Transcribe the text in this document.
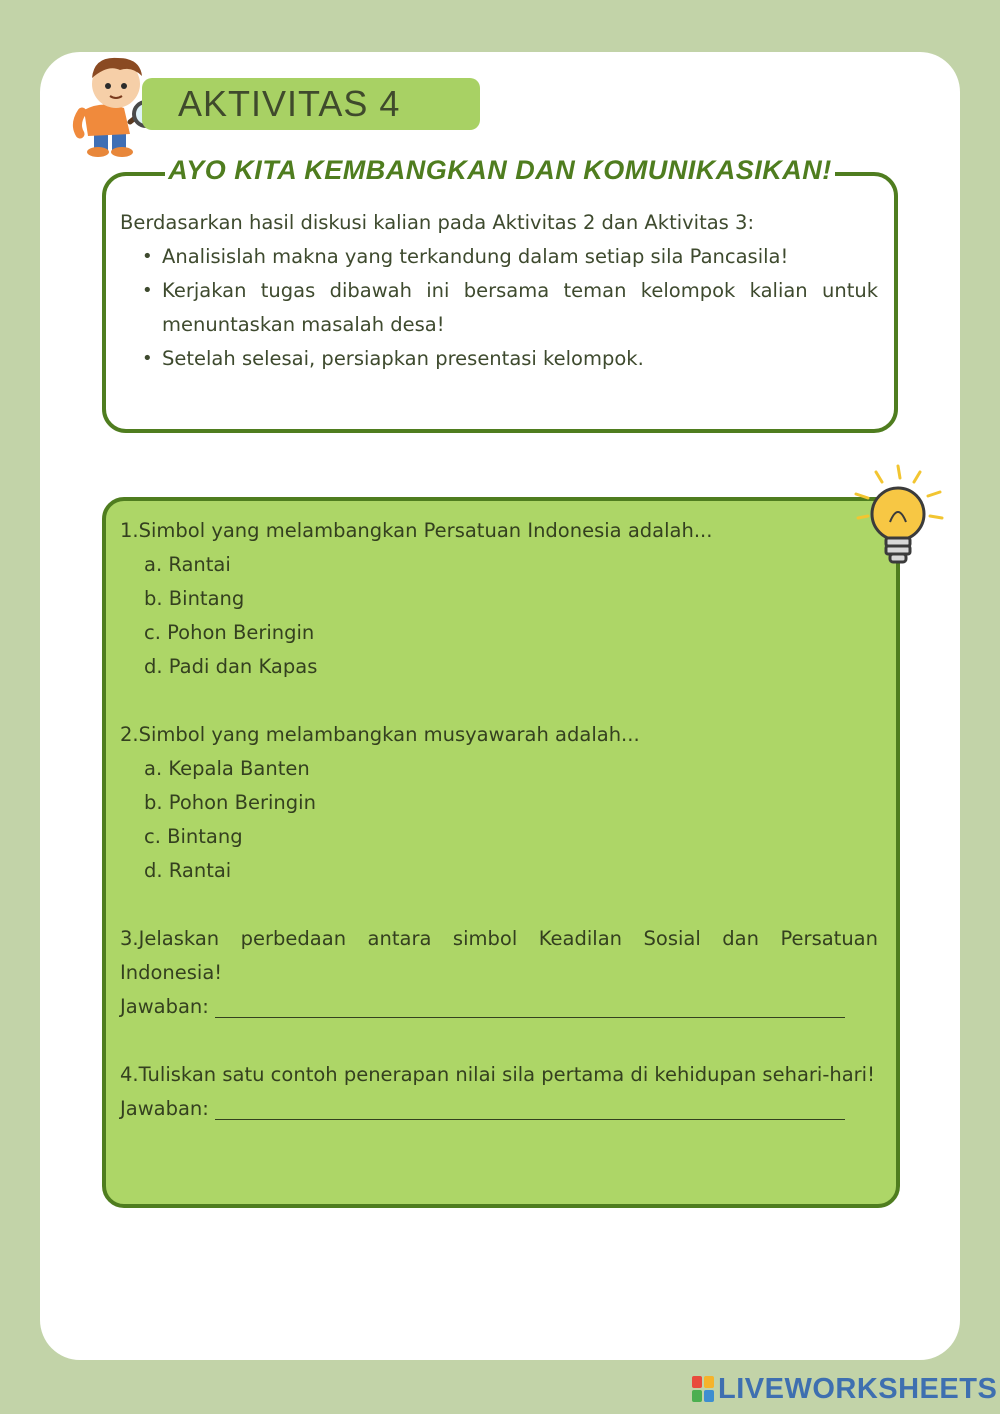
AKTIVITAS 4
AYO KITA KEMBANGKAN DAN KOMUNIKASIKAN!
Berdasarkan hasil diskusi kalian pada Aktivitas 2 dan Aktivitas 3:
• Analisislah makna yang terkandung dalam setiap sila Pancasila!
• Kerjakan tugas dibawah ini bersama teman kelompok kalian untuk menuntaskan masalah desa!
• Setelah selesai, persiapkan presentasi kelompok.
1.Simbol yang melambangkan Persatuan Indonesia adalah...
a. Rantai
b. Bintang
c. Pohon Beringin
d. Padi dan Kapas
2.Simbol yang melambangkan musyawarah adalah...
a. Kepala Banten
b. Pohon Beringin
c. Bintang
d. Rantai
3.Jelaskan perbedaan antara simbol Keadilan Sosial dan Persatuan Indonesia!
Jawaban:
4.Tuliskan satu contoh penerapan nilai sila pertama di kehidupan sehari-hari!
Jawaban:
LIVEWORKSHEETS
